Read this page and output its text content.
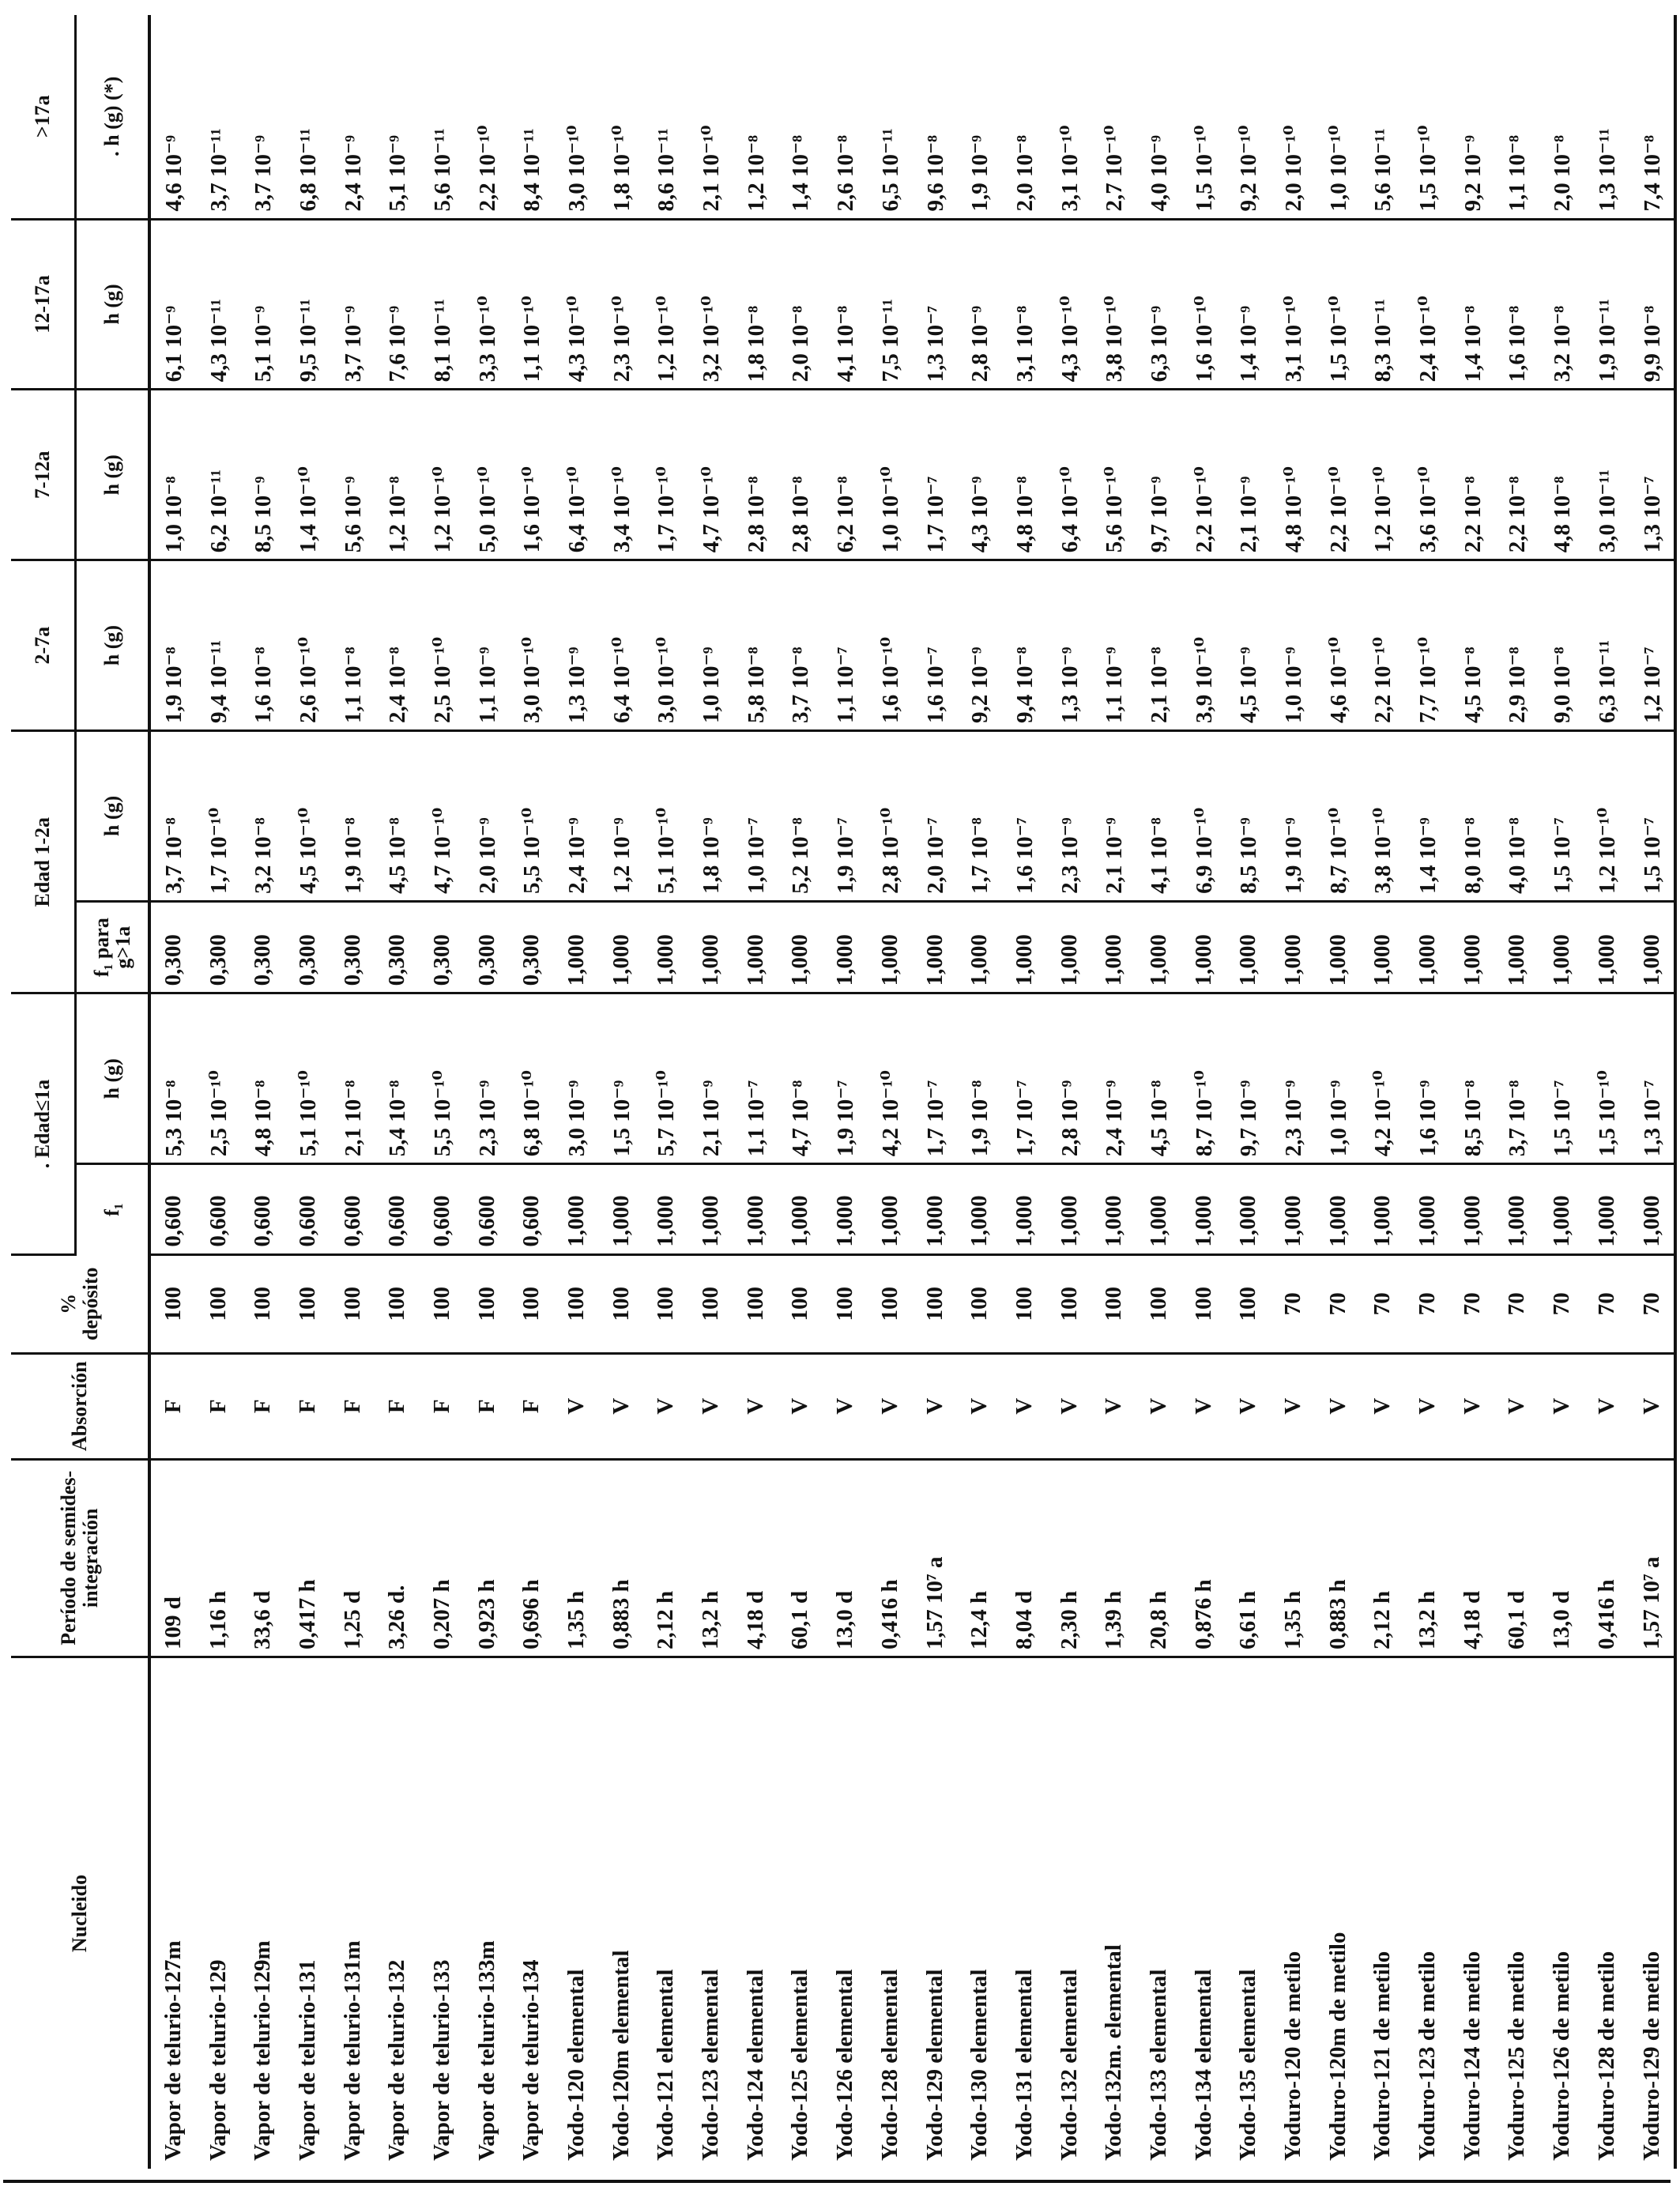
Nucleido	Período de semides-integración	Absorción	% depósito	. Edad≤1a		Edad 1-2a		2-7a	7-12a	12-17a	>17a
				f₁	h (g)	f₁ para g>1a	h (g)	h (g)	h (g)	h (g)	. h (g) (*)
Vapor de telurio-127m	109 d	F	100	0,600	5,3 10⁻⁸	0,300	3,7 10⁻⁸	1,9 10⁻⁸	1,0 10⁻⁸	6,1 10⁻⁹	4,6 10⁻⁹
Vapor de telurio-129	1,16 h	F	100	0,600	2,5 10⁻¹⁰	0,300	1,7 10⁻¹⁰	9,4 10⁻¹¹	6,2 10⁻¹¹	4,3 10⁻¹¹	3,7 10⁻¹¹
Vapor de telurio-129m	33,6 d	F	100	0,600	4,8 10⁻⁸	0,300	3,2 10⁻⁸	1,6 10⁻⁸	8,5 10⁻⁹	5,1 10⁻⁹	3,7 10⁻⁹
Vapor de telurio-131	0,417 h	F	100	0,600	5,1 10⁻¹⁰	0,300	4,5 10⁻¹⁰	2,6 10⁻¹⁰	1,4 10⁻¹⁰	9,5 10⁻¹¹	6,8 10⁻¹¹
Vapor de telurio-131m	1,25 d	F	100	0,600	2,1 10⁻⁸	0,300	1,9 10⁻⁸	1,1 10⁻⁸	5,6 10⁻⁹	3,7 10⁻⁹	2,4 10⁻⁹
Vapor de telurio-132	3,26 d.	F	100	0,600	5,4 10⁻⁸	0,300	4,5 10⁻⁸	2,4 10⁻⁸	1,2 10⁻⁸	7,6 10⁻⁹	5,1 10⁻⁹
Vapor de telurio-133	0,207 h	F	100	0,600	5,5 10⁻¹⁰	0,300	4,7 10⁻¹⁰	2,5 10⁻¹⁰	1,2 10⁻¹⁰	8,1 10⁻¹¹	5,6 10⁻¹¹
Vapor de telurio-133m	0,923 h	F	100	0,600	2,3 10⁻⁹	0,300	2,0 10⁻⁹	1,1 10⁻⁹	5,0 10⁻¹⁰	3,3 10⁻¹⁰	2,2 10⁻¹⁰
Vapor de telurio-134	0,696 h	F	100	0,600	6,8 10⁻¹⁰	0,300	5,5 10⁻¹⁰	3,0 10⁻¹⁰	1,6 10⁻¹⁰	1,1 10⁻¹⁰	8,4 10⁻¹¹
Yodo-120 elemental	1,35 h	V	100	1,000	3,0 10⁻⁹	1,000	2,4 10⁻⁹	1,3 10⁻⁹	6,4 10⁻¹⁰	4,3 10⁻¹⁰	3,0 10⁻¹⁰
Yodo-120m elemental	0,883 h	V	100	1,000	1,5 10⁻⁹	1,000	1,2 10⁻⁹	6,4 10⁻¹⁰	3,4 10⁻¹⁰	2,3 10⁻¹⁰	1,8 10⁻¹⁰
Yodo-121 elemental	2,12 h	V	100	1,000	5,7 10⁻¹⁰	1,000	5,1 10⁻¹⁰	3,0 10⁻¹⁰	1,7 10⁻¹⁰	1,2 10⁻¹⁰	8,6 10⁻¹¹
Yodo-123 elemental	13,2 h	V	100	1,000	2,1 10⁻⁹	1,000	1,8 10⁻⁹	1,0 10⁻⁹	4,7 10⁻¹⁰	3,2 10⁻¹⁰	2,1 10⁻¹⁰
Yodo-124 elemental	4,18 d	V	100	1,000	1,1 10⁻⁷	1,000	1,0 10⁻⁷	5,8 10⁻⁸	2,8 10⁻⁸	1,8 10⁻⁸	1,2 10⁻⁸
Yodo-125 elemental	60,1 d	V	100	1,000	4,7 10⁻⁸	1,000	5,2 10⁻⁸	3,7 10⁻⁸	2,8 10⁻⁸	2,0 10⁻⁸	1,4 10⁻⁸
Yodo-126 elemental	13,0 d	V	100	1,000	1,9 10⁻⁷	1,000	1,9 10⁻⁷	1,1 10⁻⁷	6,2 10⁻⁸	4,1 10⁻⁸	2,6 10⁻⁸
Yodo-128 elemental	0,416 h	V	100	1,000	4,2 10⁻¹⁰	1,000	2,8 10⁻¹⁰	1,6 10⁻¹⁰	1,0 10⁻¹⁰	7,5 10⁻¹¹	6,5 10⁻¹¹
Yodo-129 elemental	1,57 10⁷ a	V	100	1,000	1,7 10⁻⁷	1,000	2,0 10⁻⁷	1,6 10⁻⁷	1,7 10⁻⁷	1,3 10⁻⁷	9,6 10⁻⁸
Yodo-130 elemental	12,4 h	V	100	1,000	1,9 10⁻⁸	1,000	1,7 10⁻⁸	9,2 10⁻⁹	4,3 10⁻⁹	2,8 10⁻⁹	1,9 10⁻⁹
Yodo-131 elemental	8,04 d	V	100	1,000	1,7 10⁻⁷	1,000	1,6 10⁻⁷	9,4 10⁻⁸	4,8 10⁻⁸	3,1 10⁻⁸	2,0 10⁻⁸
Yodo-132 elemental	2,30 h	V	100	1,000	2,8 10⁻⁹	1,000	2,3 10⁻⁹	1,3 10⁻⁹	6,4 10⁻¹⁰	4,3 10⁻¹⁰	3,1 10⁻¹⁰
Yodo-132m. elemental	1,39 h	V	100	1,000	2,4 10⁻⁹	1,000	2,1 10⁻⁹	1,1 10⁻⁹	5,6 10⁻¹⁰	3,8 10⁻¹⁰	2,7 10⁻¹⁰
Yodo-133 elemental	20,8 h	V	100	1,000	4,5 10⁻⁸	1,000	4,1 10⁻⁸	2,1 10⁻⁸	9,7 10⁻⁹	6,3 10⁻⁹	4,0 10⁻⁹
Yodo-134 elemental	0,876 h	V	100	1,000	8,7 10⁻¹⁰	1,000	6,9 10⁻¹⁰	3,9 10⁻¹⁰	2,2 10⁻¹⁰	1,6 10⁻¹⁰	1,5 10⁻¹⁰
Yodo-135 elemental	6,61 h	V	100	1,000	9,7 10⁻⁹	1,000	8,5 10⁻⁹	4,5 10⁻⁹	2,1 10⁻⁹	1,4 10⁻⁹	9,2 10⁻¹⁰
Yoduro-120 de metilo	1,35 h	V	70	1,000	2,3 10⁻⁹	1,000	1,9 10⁻⁹	1,0 10⁻⁹	4,8 10⁻¹⁰	3,1 10⁻¹⁰	2,0 10⁻¹⁰
Yoduro-120m de metilo	0,883 h	V	70	1,000	1,0 10⁻⁹	1,000	8,7 10⁻¹⁰	4,6 10⁻¹⁰	2,2 10⁻¹⁰	1,5 10⁻¹⁰	1,0 10⁻¹⁰
Yoduro-121 de metilo	2,12 h	V	70	1,000	4,2 10⁻¹⁰	1,000	3,8 10⁻¹⁰	2,2 10⁻¹⁰	1,2 10⁻¹⁰	8,3 10⁻¹¹	5,6 10⁻¹¹
Yoduro-123 de metilo	13,2 h	V	70	1,000	1,6 10⁻⁹	1,000	1,4 10⁻⁹	7,7 10⁻¹⁰	3,6 10⁻¹⁰	2,4 10⁻¹⁰	1,5 10⁻¹⁰
Yoduro-124 de metilo	4,18 d	V	70	1,000	8,5 10⁻⁸	1,000	8,0 10⁻⁸	4,5 10⁻⁸	2,2 10⁻⁸	1,4 10⁻⁸	9,2 10⁻⁹
Yoduro-125 de metilo	60,1 d	V	70	1,000	3,7 10⁻⁸	1,000	4,0 10⁻⁸	2,9 10⁻⁸	2,2 10⁻⁸	1,6 10⁻⁸	1,1 10⁻⁸
Yoduro-126 de metilo	13,0 d	V	70	1,000	1,5 10⁻⁷	1,000	1,5 10⁻⁷	9,0 10⁻⁸	4,8 10⁻⁸	3,2 10⁻⁸	2,0 10⁻⁸
Yoduro-128 de metilo	0,416 h	V	70	1,000	1,5 10⁻¹⁰	1,000	1,2 10⁻¹⁰	6,3 10⁻¹¹	3,0 10⁻¹¹	1,9 10⁻¹¹	1,3 10⁻¹¹
Yoduro-129 de metilo	1,57 10⁷ a	V	70	1,000	1,3 10⁻⁷	1,000	1,5 10⁻⁷	1,2 10⁻⁷	1,3 10⁻⁷	9,9 10⁻⁸	7,4 10⁻⁸
